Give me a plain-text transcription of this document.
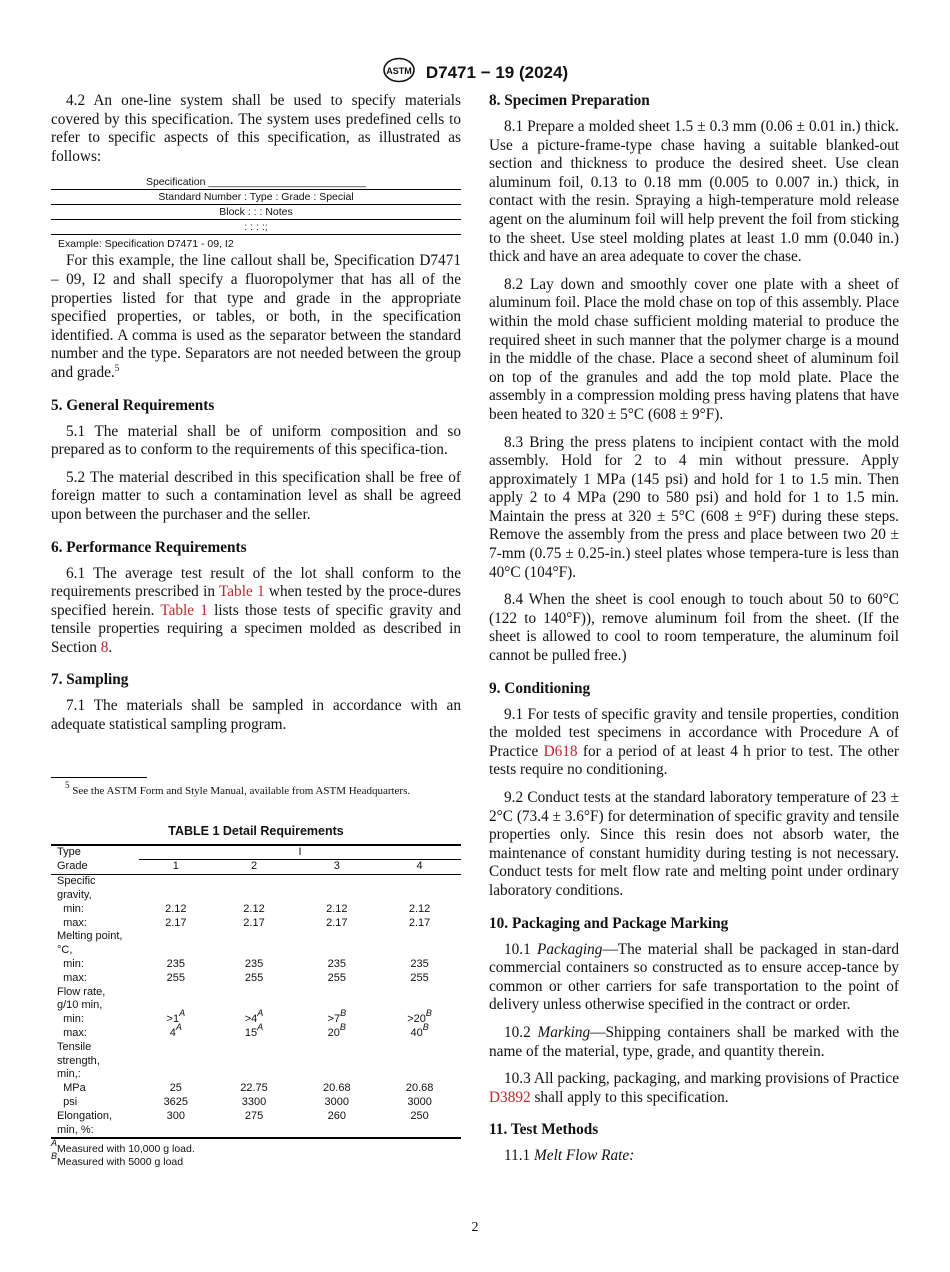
ASTM D7471 − 19 (2024)

4.2 An one-line system shall be used to specify materials covered by this specification. The system uses predefined cells to refer to specific aspects of this specification, as illustrated as follows:

Specification ___________________________
Standard Number : Type : Grade : Special
Block : : : Notes
: : : :;
Example: Specification D7471 - 09, I2

For this example, the line callout shall be, Specification D7471 – 09, I2 and shall specify a fluoropolymer that has all of the properties listed for that type and grade in the appropriate specified properties, or tables, or both, in the specification identified. A comma is used as the separator between the standard number and the type. Separators are not needed between the group and grade.$^5$

5. General Requirements

5.1 The material shall be of uniform composition and so prepared as to conform to the requirements of this specifica-tion.

5.2 The material described in this specification shall be free of foreign matter to such a contamination level as shall be agreed upon between the purchaser and the seller.

6. Performance Requirements

6.1 The average test result of the lot shall conform to the requirements prescribed in Table 1 when tested by the proce-dures specified herein. Table 1 lists those tests of specific gravity and tensile properties requiring a specimen molded as described in Section 8.

7. Sampling

7.1 The materials shall be sampled in accordance with an adequate statistical sampling program.

$^5$ See the ASTM Form and Style Manual, available from ASTM Headquarters.

TABLE 1 Detail Requirements
Type	I			
Grade	1	2	3	4
Specific				
gravity,				
min:	2.12	2.12	2.12	2.12
max:	2.17	2.17	2.17	2.17
Melting point,				
°C,				
min:	235	235	235	235
max:	255	255	255	255
Flow rate,				
g/10 min,				
min:	$>1^A$	$>4^A$	$>7^B$	$>20^B$
max:	$4^A$	$15^A$	$20^B$	$40^B$
Tensile				
strength,				
min,:				
MPa	25	22.75	20.68	20.68
psi	3625	3300	3000	3000
Elongation,	300	275	260	250
min, %:				
$^A$Measured with 10,000 g load.
$^B$Measured with 5000 g load
8. Specimen Preparation

8.1 Prepare a molded sheet 1.5 ± 0.3 mm (0.06 ± 0.01 in.) thick. Use a picture-frame-type chase having a suitable blanked-out section and thickness to produce the desired sheet. Use clean aluminum foil, 0.13 to 0.18 mm (0.005 to 0.007 in.) thick, in contact with the resin. Spraying a high-temperature mold release agent on the aluminum foil will help prevent the foil from sticking to the sheet. Use steel molding plates at least 1.0 mm (0.040 in.) thick and have an area adequate to cover the chase.

8.2 Lay down and smoothly cover one plate with a sheet of aluminum foil. Place the mold chase on top of this assembly. Place within the mold chase sufficient molding material to produce the required sheet in such manner that the polymer charge is a mound in the middle of the chase. Place a second sheet of aluminum foil on top of the granules and add the top mold plate. Place the assembly in a compression molding press having platens that have been heated to 320 ± 5°C (608 ± 9°F).

8.3 Bring the press platens to incipient contact with the mold assembly. Hold for 2 to 4 min without pressure. Apply approximately 1 MPa (145 psi) and hold for 1 to 1.5 min. Then apply 2 to 4 MPa (290 to 580 psi) and hold for 1 to 1.5 min. Maintain the press at 320 ± 5°C (608 ± 9°F) during these steps. Remove the assembly from the press and place between two 20 ± 7-mm (0.75 ± 0.25-in.) steel plates whose tempera-ture is less than 40°C (104°F).

8.4 When the sheet is cool enough to touch about 50 to 60°C (122 to 140°F)), remove aluminum foil from the sheet. (If the sheet is allowed to cool to room temperature, the aluminum foil cannot be pulled free.)

9. Conditioning

9.1 For tests of specific gravity and tensile properties, condition the molded test specimens in accordance with Procedure A of Practice D618 for a period of at least 4 h prior to test. The other tests require no conditioning.

9.2 Conduct tests at the standard laboratory temperature of 23 ± 2°C (73.4 ± 3.6°F) for determination of specific gravity and tensile properties only. Since this resin does not absorb water, the maintenance of constant humidity during testing is not necessary. Conduct tests for melt flow rate and melting point under ordinary laboratory conditions.

10. Packaging and Package Marking

10.1 Packaging—The material shall be packaged in stan-dard commercial containers so constructed as to ensure accep-tance by common or other carriers for safe transportation to the point of delivery unless otherwise specified in the contract or order.

10.2 Marking—Shipping containers shall be marked with the name of the material, type, grade, and quantity therein.

10.3 All packing, packaging, and marking provisions of Practice D3892 shall apply to this specification.

11. Test Methods

11.1 Melt Flow Rate:

2
